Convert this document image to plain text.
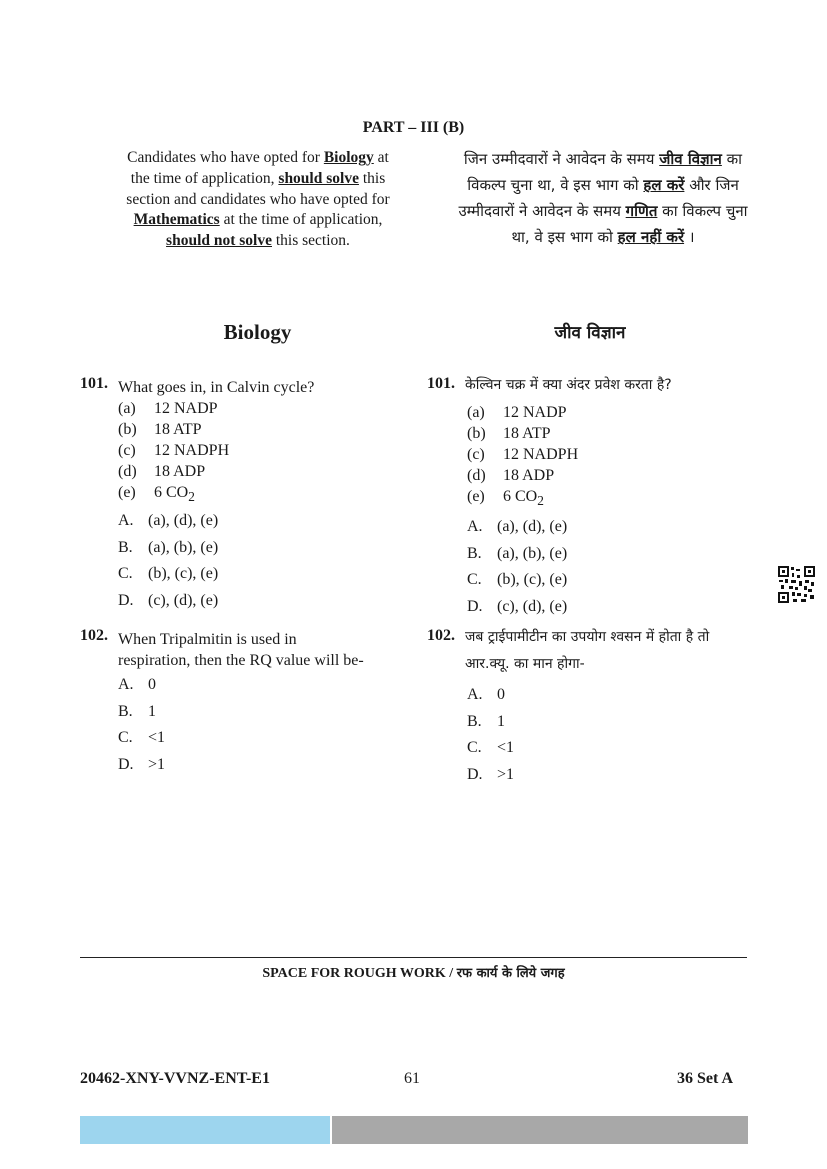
PART – III (B)
Candidates who have opted for Biology at the time of application, should solve this section and candidates who have opted for Mathematics at the time of application, should not solve this section.
जिन उम्मीदवारों ने आवेदन के समय जीव विज्ञान का विकल्प चुना था, वे इस भाग को हल करें और जिन उम्मीदवारों ने आवेदन के समय गणित का विकल्प चुना था, वे इस भाग को हल नहीं करें ।
Biology	जीव विज्ञान
101. What goes in, in Calvin cycle?
(a) 12 NADP
(b) 18 ATP
(c) 12 NADPH
(d) 18 ADP
(e) 6 $CO_2$
A. (a), (d), (e)
B. (a), (b), (e)
C. (b), (c), (e)
D. (c), (d), (e)
101. केल्विन चक्र में क्या अंदर प्रवेश करता है?
(a) 12 NADP
(b) 18 ATP
(c) 12 NADPH
(d) 18 ADP
(e) 6 $CO_2$
A. (a), (d), (e)
B. (a), (b), (e)
C. (b), (c), (e)
D. (c), (d), (e)
102. When Tripalmitin is used in
respiration, then the RQ value will be-
A. 0
B. 1
C. <1
D. >1
102. जब ट्राईपामीटीन का उपयोग श्वसन में होता है तो
आर.क्यू. का मान होगा-
A. 0
B. 1
C. <1
D. >1
SPACE FOR ROUGH WORK / रफ कार्य के लिये जगह
20462-XNY-VVNZ-ENT-E1	61	36 Set A
